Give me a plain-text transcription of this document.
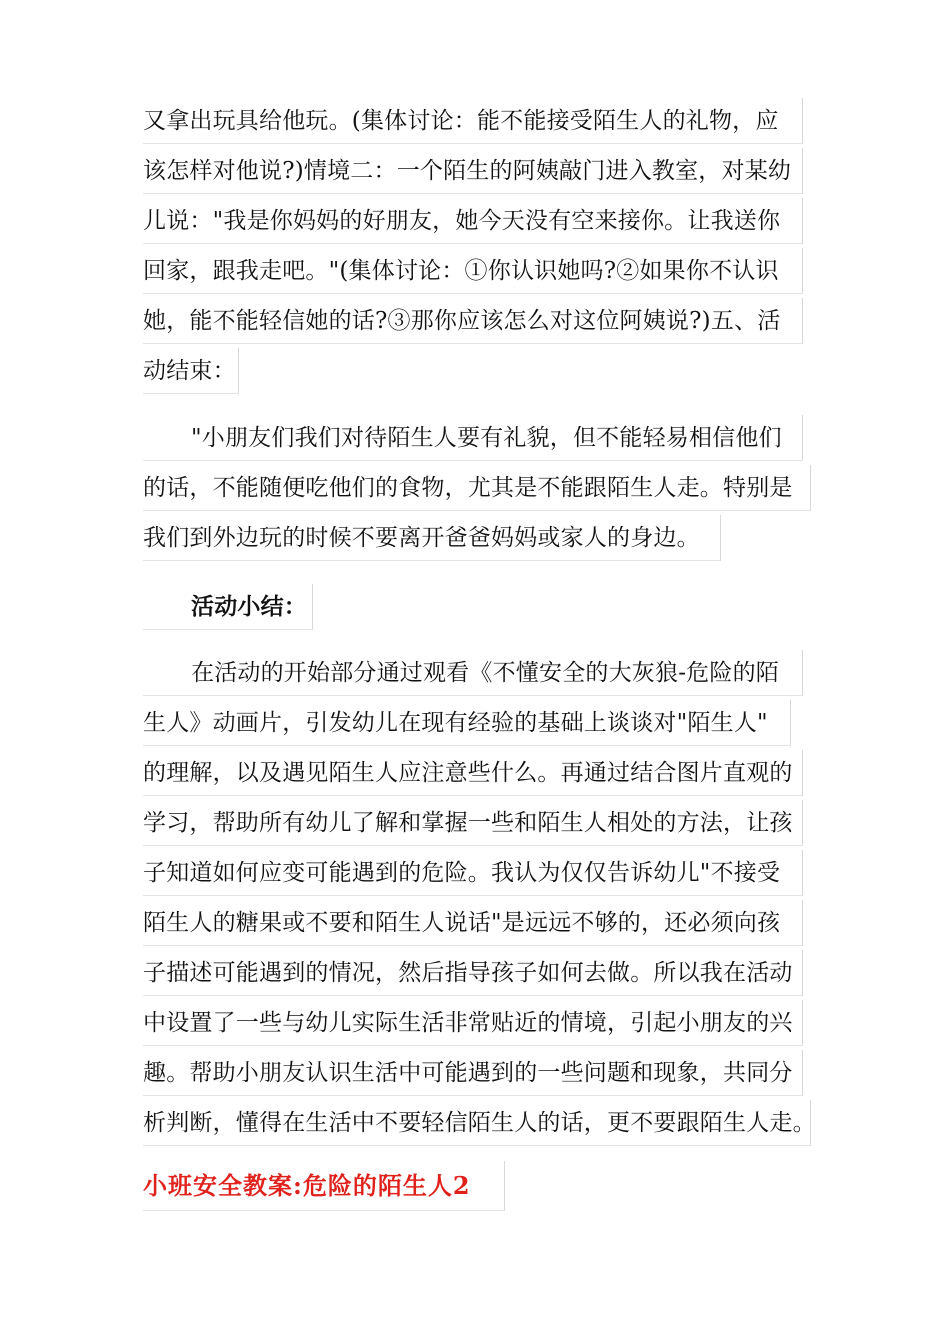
又拿出玩具给他玩。(集体讨论：能不能接受陌生人的礼物，应
该怎样对他说?)情境二：一个陌生的阿姨敲门进入教室，对某幼
儿说："我是你妈妈的好朋友，她今天没有空来接你。让我送你
回家，跟我走吧。"(集体讨论：①你认识她吗?②如果你不认识
她，能不能轻信她的话?③那你应该怎么对这位阿姨说?)五、活
动结束：
"小朋友们我们对待陌生人要有礼貌，但不能轻易相信他们
的话，不能随便吃他们的食物，尤其是不能跟陌生人走。特别是
我们到外边玩的时候不要离开爸爸妈妈或家人的身边。
活动小结：
在活动的开始部分通过观看《不懂安全的大灰狼-危险的陌
生人》动画片，引发幼儿在现有经验的基础上谈谈对"陌生人"
的理解，以及遇见陌生人应注意些什么。再通过结合图片直观的
学习，帮助所有幼儿了解和掌握一些和陌生人相处的方法，让孩
子知道如何应变可能遇到的危险。我认为仅仅告诉幼儿"不接受
陌生人的糖果或不要和陌生人说话"是远远不够的，还必须向孩
子描述可能遇到的情况，然后指导孩子如何去做。所以我在活动
中设置了一些与幼儿实际生活非常贴近的情境，引起小朋友的兴
趣。帮助小朋友认识生活中可能遇到的一些问题和现象，共同分
析判断，懂得在生活中不要轻信陌生人的话，更不要跟陌生人走。
小班安全教案:危险的陌生人2
